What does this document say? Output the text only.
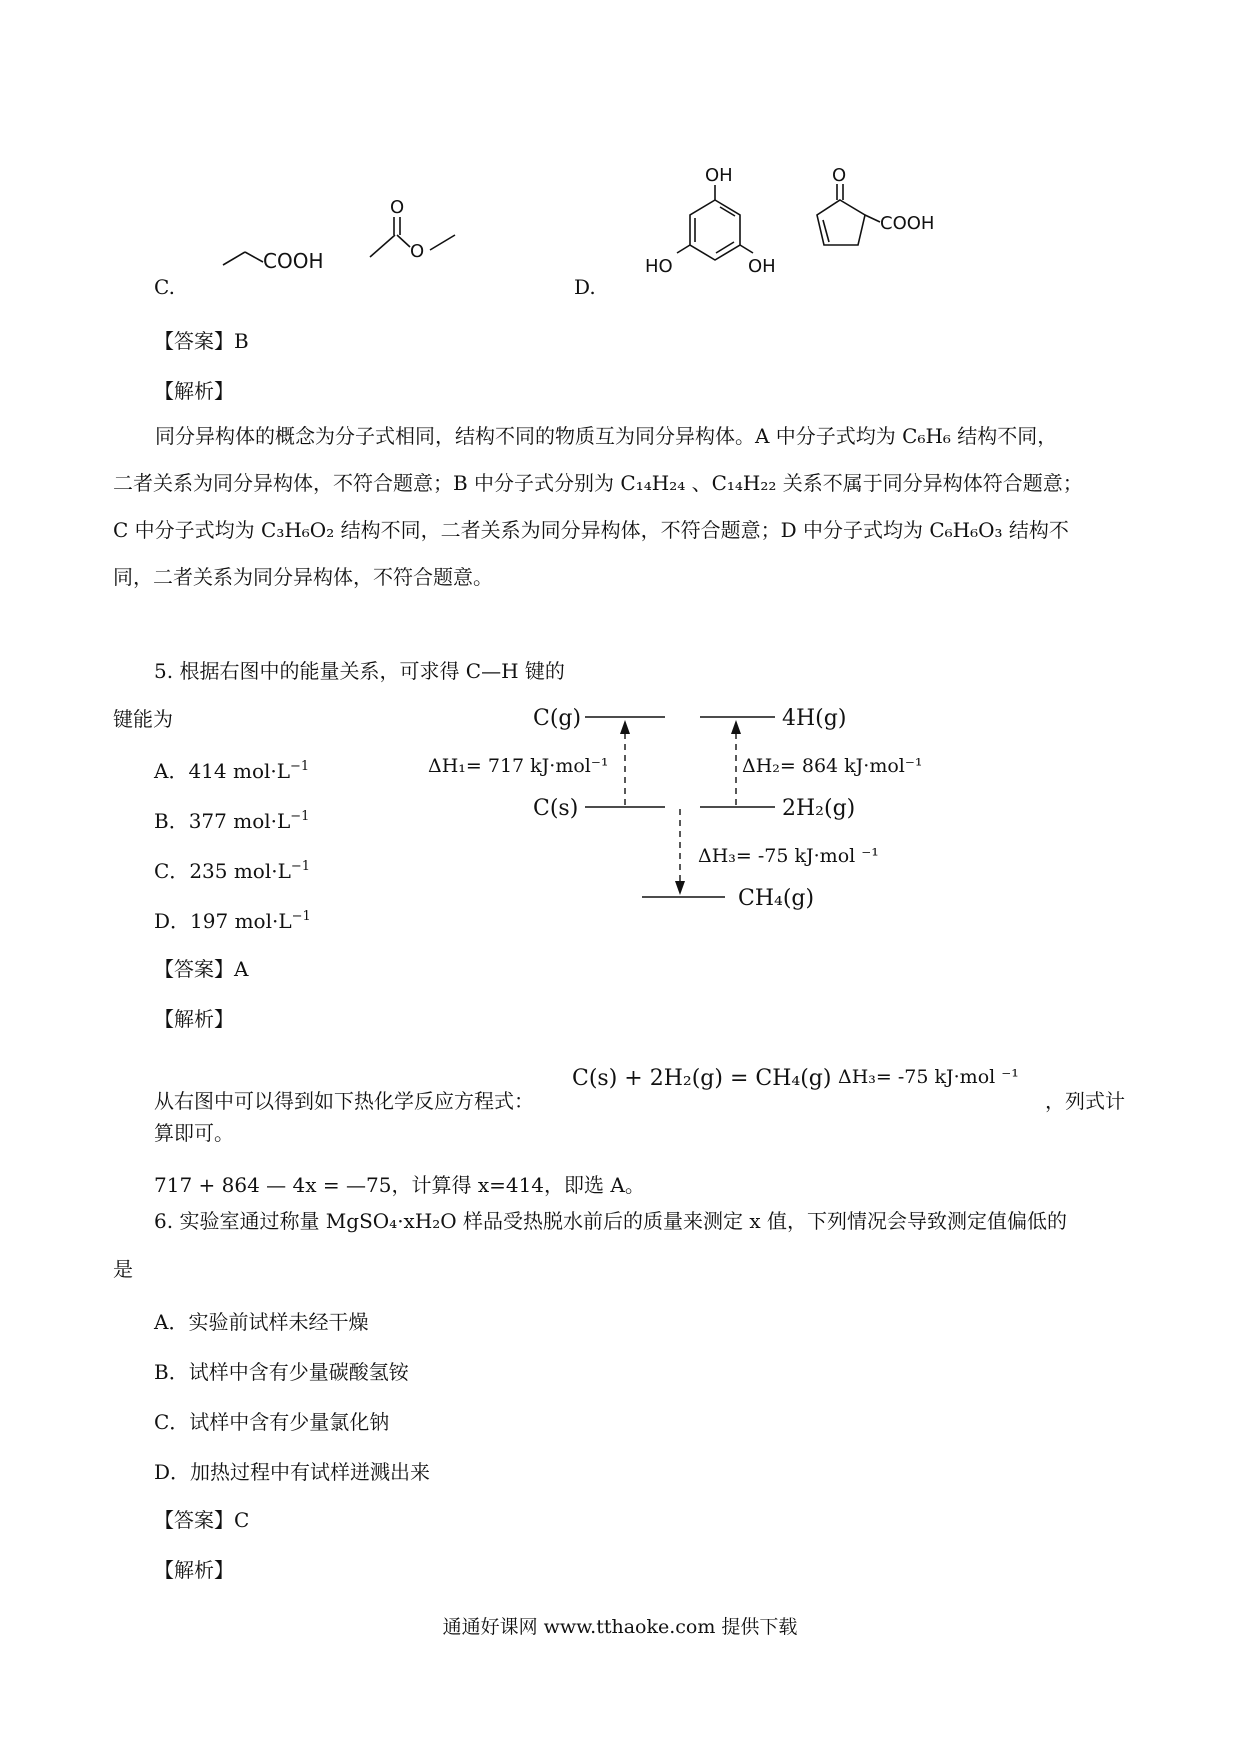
C.
COOH
O
O
D.
OH
HO	OH
O
COOH
【答案】B
【解析】
同分异构体的概念为分子式相同，结构不同的物质互为同分异构体。A 中分子式均为 C₆H₆ 结构不同，
二者关系为同分异构体，不符合题意；B 中分子式分别为 C₁₄H₂₄ 、C₁₄H₂₂ 关系不属于同分异构体符合题意；
C 中分子式均为 C₃H₆O₂ 结构不同，二者关系为同分异构体，不符合题意；D 中分子式均为 C₆H₆O₃ 结构不
同，二者关系为同分异构体，不符合题意。
5. 根据右图中的能量关系，可求得 C—H 键的
键能为
A．414 $mol\cdot L^{-1}$
B．377 $mol\cdot L^{-1}$
C．235 $mol\cdot L^{-1}$
D．197 $mol\cdot L^{-1}$
C(g)	4H(g)
C(s)	2H₂(g)
CH₄(g)
ΔH₁= 717 kJ·mol⁻¹	ΔH₂= 864 kJ·mol⁻¹
ΔH₃= -75 kJ·mol ⁻¹
【答案】A
【解析】
从右图中可以得到如下热化学反应方程式：
C(s) + 2H₂(g) = CH₄(g) ΔH₃= -75 kJ·mol ⁻¹
，列式计
算即可。
717 + 864 — 4x = —75，计算得 x=414，即选 A。
6. 实验室通过称量 MgSO₄·xH₂O 样品受热脱水前后的质量来测定 x 值，下列情况会导致测定值偏低的
是
A．实验前试样未经干燥
B．试样中含有少量碳酸氢铵
C．试样中含有少量氯化钠
D．加热过程中有试样迸溅出来
【答案】C
【解析】
通通好课网 www.tthaoke.com 提供下载
